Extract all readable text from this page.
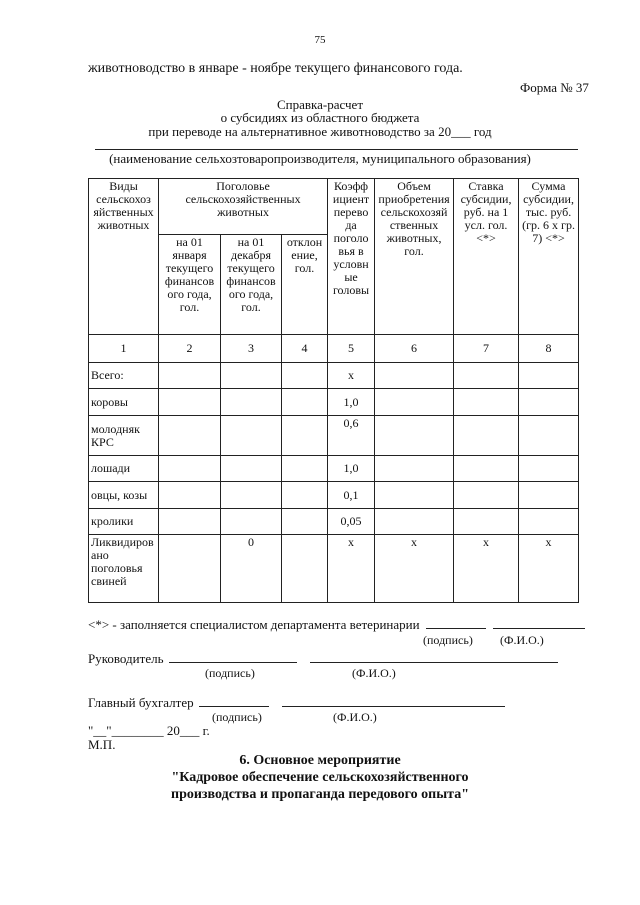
75
животноводство в январе - ноябре текущего финансового года.
Форма № 37
Справка-расчет
о субсидиях из областного бюджета
при переводе на альтернативное животноводство за 20___ год
(наименование сельхозтоваропроизводителя, муниципального образования)
Виды сельскохоз яйственных животных	Поголовье сельскохозяйственных животных			Коэфф ициент перево да поголо вья в условн ые головы	Объем приобретения сельскохозяй ственных животных, гол.	Ставка субсидии, руб. на 1 усл. гол. <*>	Сумма субсидии, тыс. руб. (гр. 6 х гр. 7) <*>
	на 01 января текущего финансов ого года, гол.	на 01 декабря текущего финансов ого года, гол.	отклон ение, гол.				
1	2	3	4	5	6	7	8
Всего:				х			
коровы				1,0			
молодняк КРС				0,6			
лошади				1,0			
овцы, козы				0,1			
кролики				0,05			
Ликвидиров ано поголовья свиней		0		х	х	х	х
<*> - заполняется специалистом департамента ветеринарии
(подпись) (Ф.И.О.)
Руководитель
(подпись)	(Ф.И.О.)
Главный бухгалтер
(подпись)	(Ф.И.О.)
"__"________ 20___ г.
М.П.
6. Основное мероприятие
"Кадровое обеспечение сельскохозяйственного
производства и пропаганда передового опыта"
